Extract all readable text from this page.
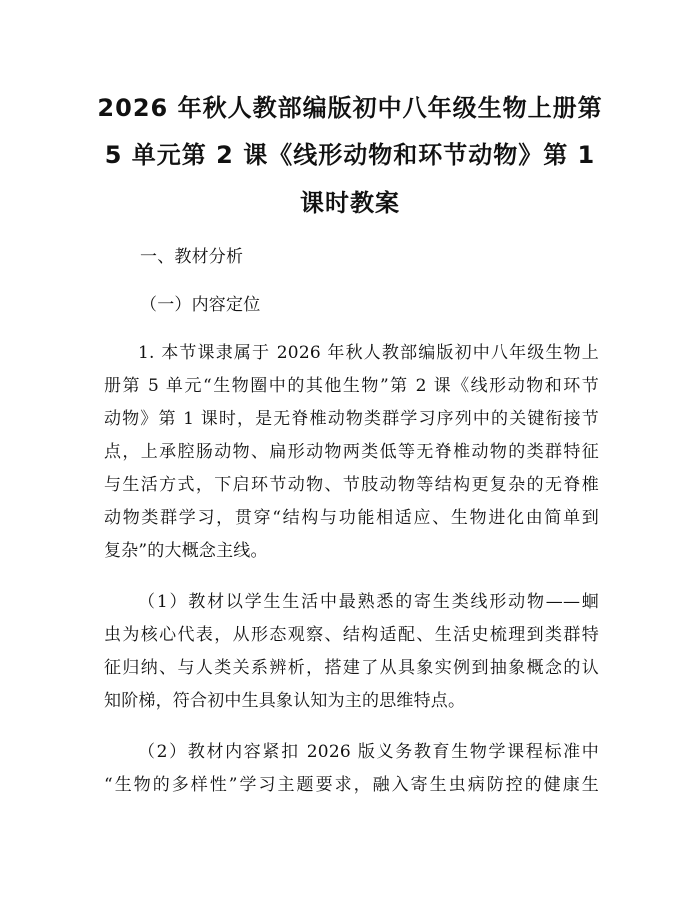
2026 年秋人教部编版初中八年级生物上册第
5 单元第 2 课《线形动物和环节动物》第 1
课时教案
一、教材分析
（一）内容定位
1. 本节课隶属于 2026 年秋人教部编版初中八年级生物上
册第 5 单元“生物圈中的其他生物”第 2 课《线形动物和环节
动物》第 1 课时，是无脊椎动物类群学习序列中的关键衔接节
点，上承腔肠动物、扁形动物两类低等无脊椎动物的类群特征
与生活方式，下启环节动物、节肢动物等结构更复杂的无脊椎
动物类群学习，贯穿“结构与功能相适应、生物进化由简单到
复杂”的大概念主线。
（1）教材以学生生活中最熟悉的寄生类线形动物——蛔
虫为核心代表，从形态观察、结构适配、生活史梳理到类群特
征归纳、与人类关系辨析，搭建了从具象实例到抽象概念的认
知阶梯，符合初中生具象认知为主的思维特点。
（2）教材内容紧扣 2026 版义务教育生物学课程标准中
“生物的多样性”学习主题要求，融入寄生虫病防控的健康生
